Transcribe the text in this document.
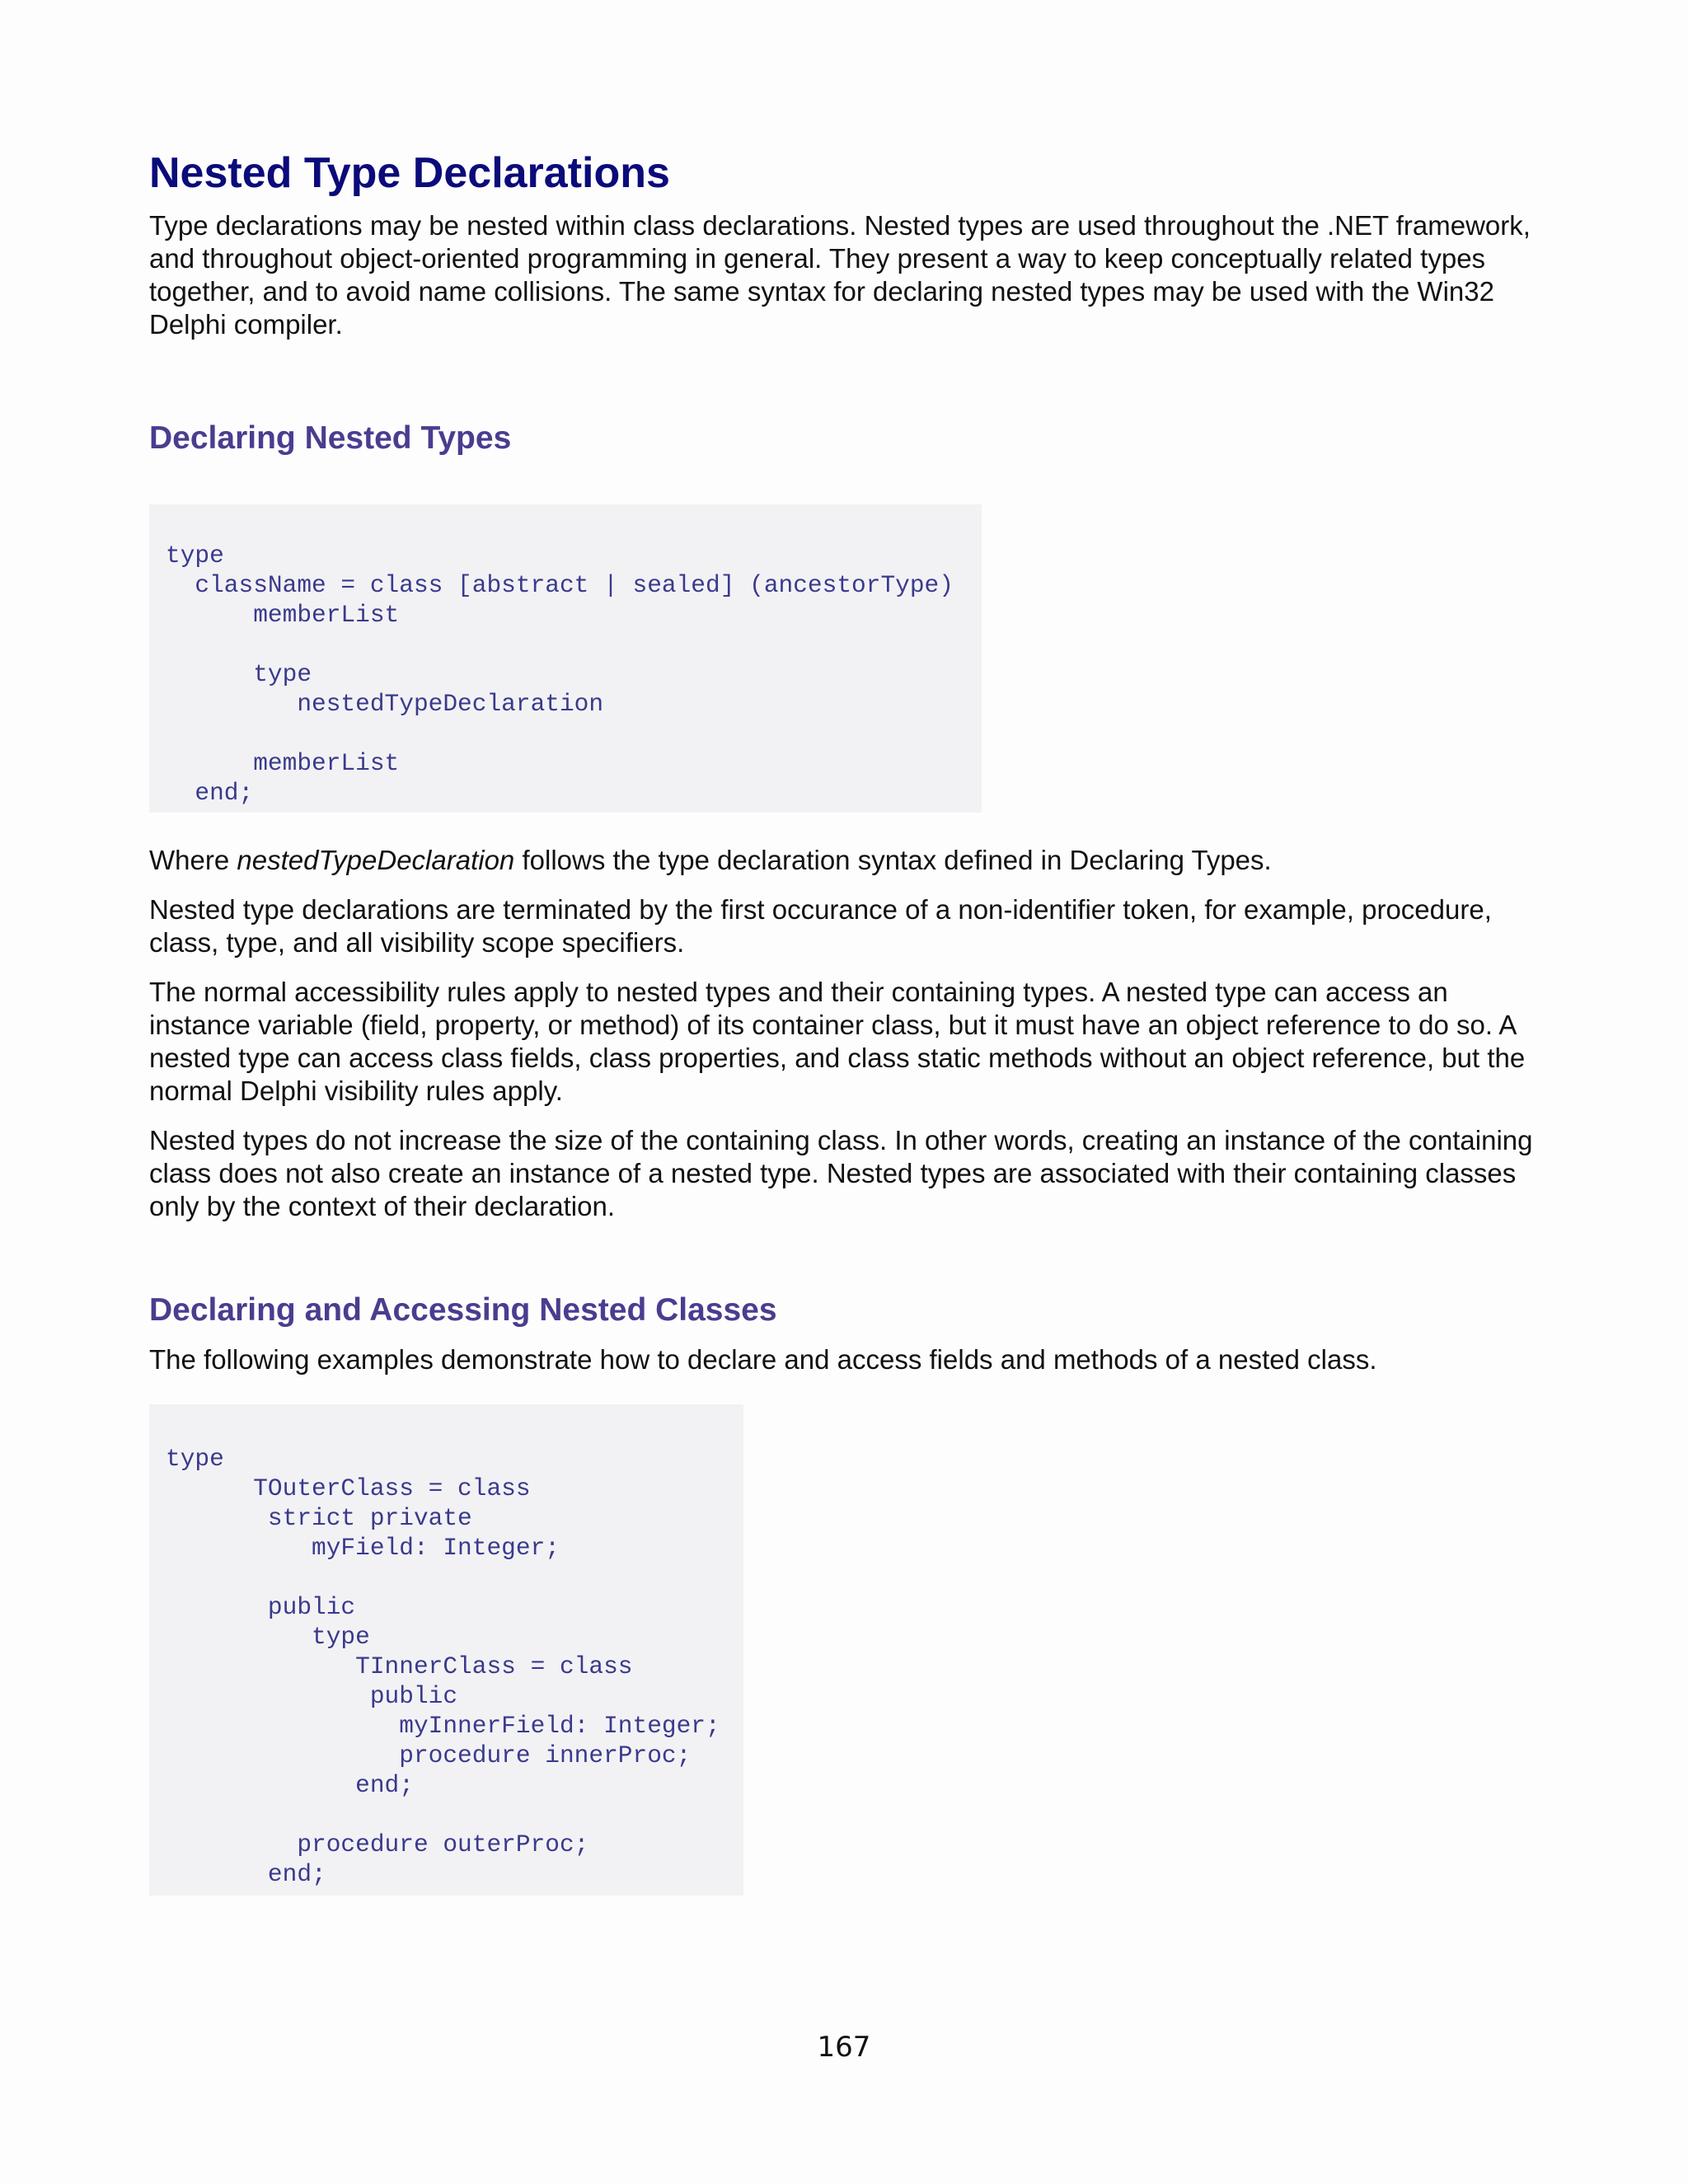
Nested Type Declarations

Type declarations may be nested within class declarations. Nested types are used throughout the .NET framework, and throughout object-oriented programming in general. They present a way to keep conceptually related types together, and to avoid name collisions. The same syntax for declaring nested types may be used with the Win32 Delphi compiler.

Declaring Nested Types
type
className = class [abstract | sealed] (ancestorType)
memberList
type
nestedTypeDeclaration
memberList
end;

Where nestedTypeDeclaration follows the type declaration syntax defined in Declaring Types.

Nested type declarations are terminated by the first occurance of a non-identifier token, for example, procedure, class, type, and all visibility scope specifiers.

The normal accessibility rules apply to nested types and their containing types. A nested type can access an instance variable (field, property, or method) of its container class, but it must have an object reference to do so. A nested type can access class fields, class properties, and class static methods without an object reference, but the normal Delphi visibility rules apply.

Nested types do not increase the size of the containing class. In other words, creating an instance of the containing class does not also create an instance of a nested type. Nested types are associated with their containing classes only by the context of their declaration.

Declaring and Accessing Nested Classes

The following examples demonstrate how to declare and access fields and methods of a nested class.

type
TOuterClass = class
strict private
myField: Integer;
public
type
TInnerClass = class
public
myInnerField: Integer;
procedure innerProc;
end;
procedure outerProc;
end;
167
